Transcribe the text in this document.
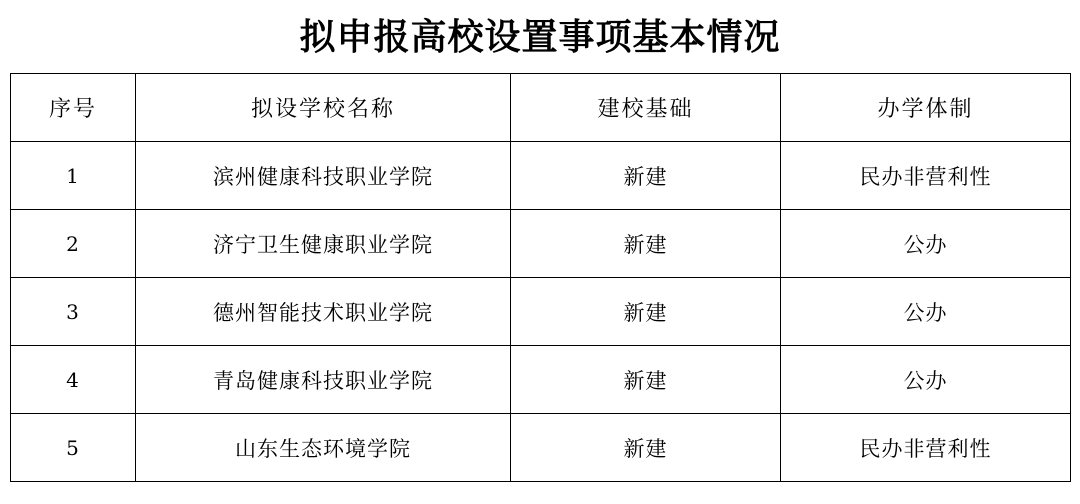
拟申报高校设置事项基本情况
序号	拟设学校名称	建校基础	办学体制
1	滨州健康科技职业学院	新建	民办非营利性
2	济宁卫生健康职业学院	新建	公办
3	德州智能技术职业学院	新建	公办
4	青岛健康科技职业学院	新建	公办
5	山东生态环境学院	新建	民办非营利性
